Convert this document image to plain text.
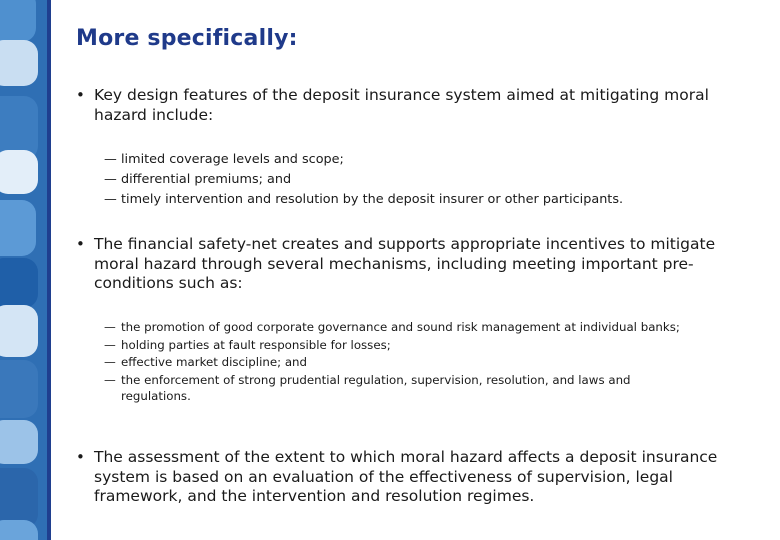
More specifically:
• Key design features of the deposit insurance system aimed at mitigating moral hazard include:
— limited coverage levels and scope;
— differential premiums; and
— timely intervention and resolution by the deposit insurer or other participants.
• The financial safety-net creates and supports appropriate incentives to mitigate moral hazard through several mechanisms, including meeting important pre-conditions such as:
— the promotion of good corporate governance and sound risk management at individual banks;
— holding parties at fault responsible for losses;
— effective market discipline; and
— the enforcement of strong prudential regulation, supervision, resolution, and laws and regulations.
• The assessment of the extent to which moral hazard affects a deposit insurance system is based on an evaluation of the effectiveness of supervision, legal framework, and the intervention and resolution regimes.
